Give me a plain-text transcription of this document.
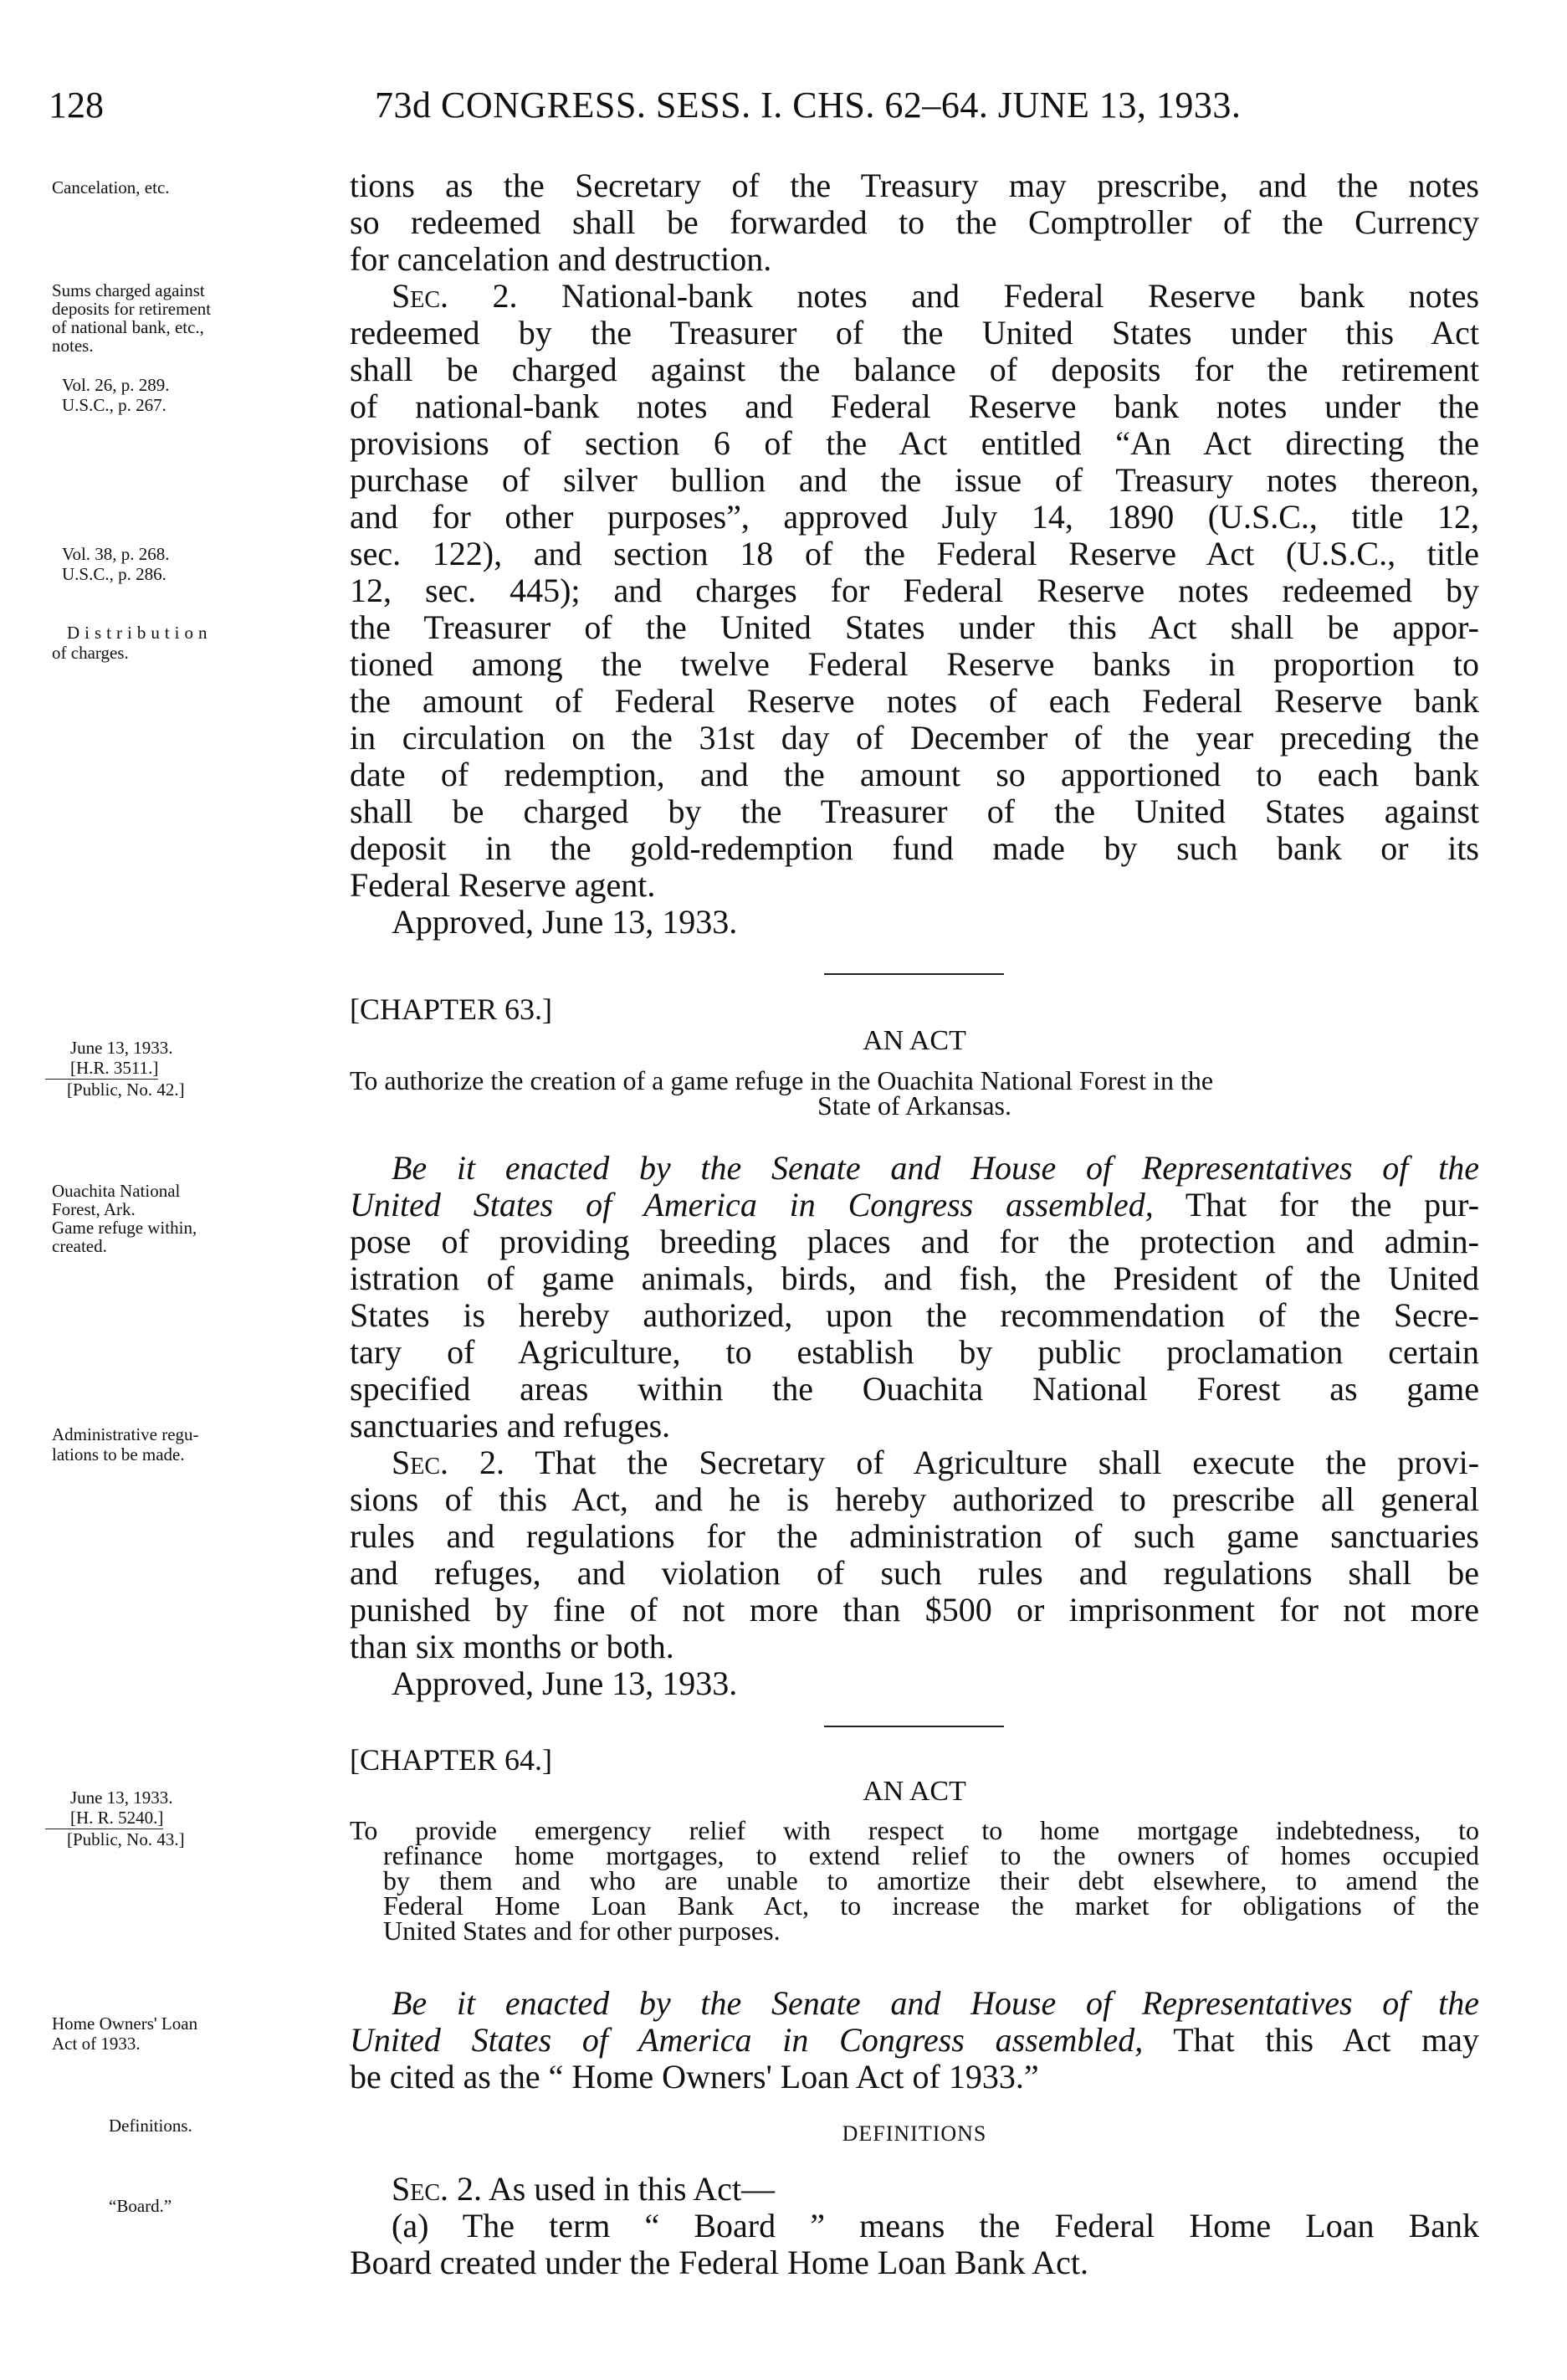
128	73d CONGRESS. SESS. I. CHS. 62–64. JUNE 13, 1933.
Cancelation, etc.
Sums charged against
deposits for retirement
of national bank, etc.,
notes.
Vol. 26, p. 289.
U.S.C., p. 267.
Vol. 38, p. 268.
U.S.C., p. 286.
Distribution
of charges.
June 13, 1933.
[H.R. 3511.]
[Public, No. 42.]
Ouachita National
Forest, Ark.
Game refuge within,
created.
Administrative regu-
lations to be made.
June 13, 1933.
[H. R. 5240.]
[Public, No. 43.]
Home Owners' Loan
Act of 1933.
Definitions.
“Board.”
tions as the Secretary of the Treasury may prescribe, and the notes
so redeemed shall be forwarded to the Comptroller of the Currency
for cancelation and destruction.
Sec. 2. National-bank notes and Federal Reserve bank notes
redeemed by the Treasurer of the United States under this Act
shall be charged against the balance of deposits for the retirement
of national-bank notes and Federal Reserve bank notes under the
provisions of section 6 of the Act entitled “An Act directing the
purchase of silver bullion and the issue of Treasury notes thereon,
and for other purposes”, approved July 14, 1890 (U.S.C., title 12,
sec. 122), and section 18 of the Federal Reserve Act (U.S.C., title
12, sec. 445); and charges for Federal Reserve notes redeemed by
the Treasurer of the United States under this Act shall be appor-
tioned among the twelve Federal Reserve banks in proportion to
the amount of Federal Reserve notes of each Federal Reserve bank
in circulation on the 31st day of December of the year preceding the
date of redemption, and the amount so apportioned to each bank
shall be charged by the Treasurer of the United States against
deposit in the gold-redemption fund made by such bank or its
Federal Reserve agent.
Approved, June 13, 1933.
[CHAPTER 63.]
AN ACT
To authorize the creation of a game refuge in the Ouachita National Forest in the
State of Arkansas.
Be it enacted by the Senate and House of Representatives of the
United States of America in Congress assembled, That for the pur-
pose of providing breeding places and for the protection and admin-
istration of game animals, birds, and fish, the President of the United
States is hereby authorized, upon the recommendation of the Secre-
tary of Agriculture, to establish by public proclamation certain
specified areas within the Ouachita National Forest as game
sanctuaries and refuges.
Sec. 2. That the Secretary of Agriculture shall execute the provi-
sions of this Act, and he is hereby authorized to prescribe all general
rules and regulations for the administration of such game sanctuaries
and refuges, and violation of such rules and regulations shall be
punished by fine of not more than $500 or imprisonment for not more
than six months or both.
Approved, June 13, 1933.
[CHAPTER 64.]
AN ACT
To provide emergency relief with respect to home mortgage indebtedness, to
refinance home mortgages, to extend relief to the owners of homes occupied
by them and who are unable to amortize their debt elsewhere, to amend the
Federal Home Loan Bank Act, to increase the market for obligations of the
United States and for other purposes.
Be it enacted by the Senate and House of Representatives of the
United States of America in Congress assembled, That this Act may
be cited as the “ Home Owners' Loan Act of 1933.”
DEFINITIONS
Sec. 2. As used in this Act—
(a) The term “ Board ” means the Federal Home Loan Bank
Board created under the Federal Home Loan Bank Act.
